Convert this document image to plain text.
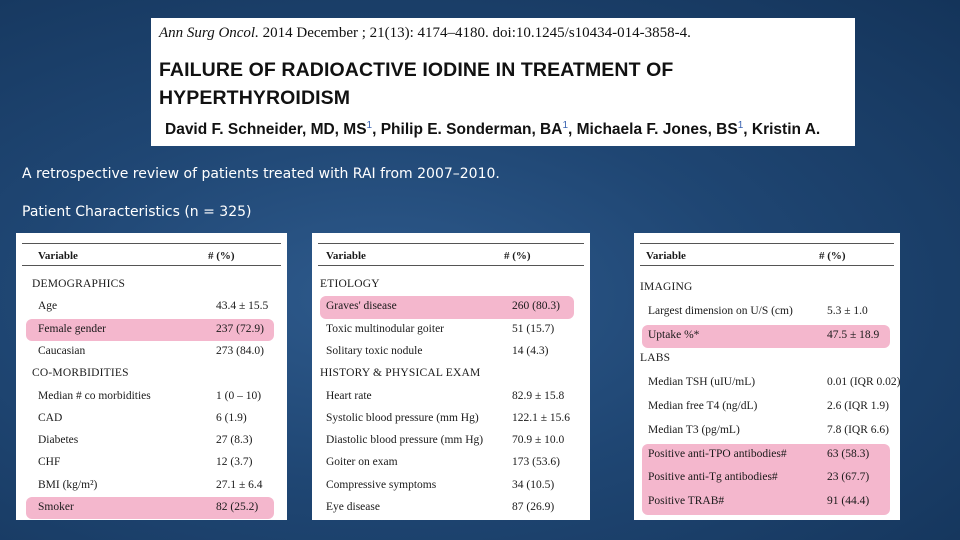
Ann Surg Oncol. 2014 December ; 21(13): 4174–4180. doi:10.1245/s10434-014-3858-4.
FAILURE OF RADIOACTIVE IODINE IN TREATMENT OF
HYPERTHYROIDISM
David F. Schneider, MD, $MS^1$, Philip E. Sonderman, $BA^1$, Michaela F. Jones, $BS^1$, Kristin A.
A retrospective review of patients treated with RAI from 2007–2010.
Patient Characteristics (n = 325)
Variable	# (%)
DEMOGRAPHICS
Age	43.4 ± 15.5
Female gender	237 (72.9)
Caucasian	273 (84.0)
CO-MORBIDITIES
Median # co morbidities	1 (0 – 10)
CAD	6 (1.9)
Diabetes	27 (8.3)
CHF	12 (3.7)
BMI (kg/m²)	27.1 ± 6.4
Smoker	82 (25.2)
Variable	# (%)
ETIOLOGY
Graves' disease	260 (80.3)
Toxic multinodular goiter	51 (15.7)
Solitary toxic nodule	14 (4.3)
HISTORY & PHYSICAL EXAM
Heart rate	82.9 ± 15.8
Systolic blood pressure (mm Hg)	122.1 ± 15.6
Diastolic blood pressure (mm Hg)	70.9 ± 10.0
Goiter on exam	173 (53.6)
Compressive symptoms	34 (10.5)
Eye disease	87 (26.9)
Variable	# (%)
IMAGING
Largest dimension on U/S (cm)	5.3 ± 1.0
Uptake %*	47.5 ± 18.9
LABS
Median TSH (uIU/mL)	0.01 (IQR 0.02)
Median free T4 (ng/dL)	2.6 (IQR 1.9)
Median T3 (pg/mL)	7.8 (IQR 6.6)
Positive anti-TPO antibodies#	63 (58.3)
Positive anti-Tg antibodies#	23 (67.7)
Positive TRAB#	91 (44.4)
